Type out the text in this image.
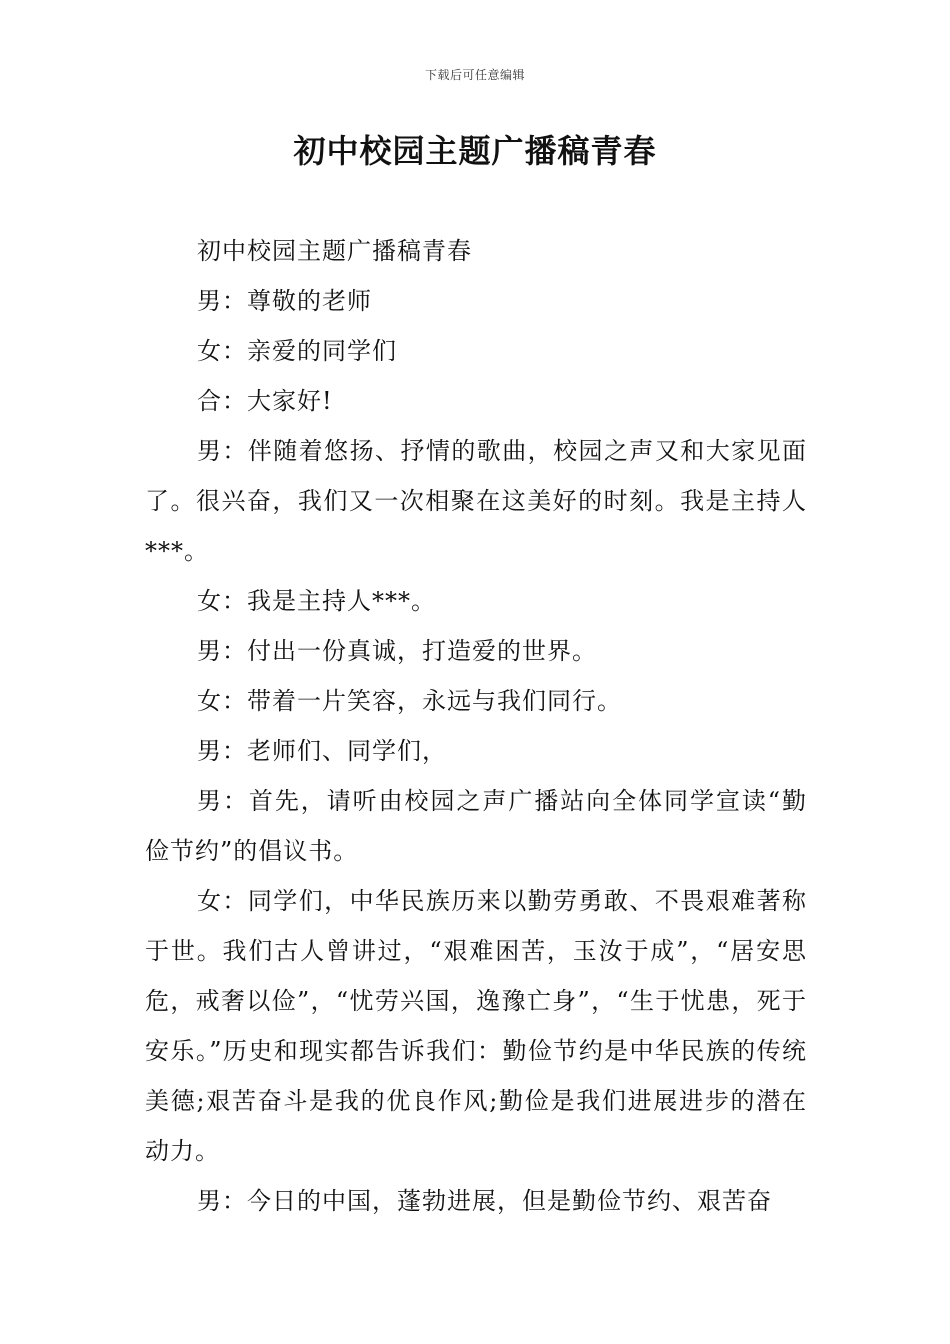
下载后可任意编辑
初中校园主题广播稿青春

初中校园主题广播稿青春

男：尊敬的老师

女：亲爱的同学们

合：大家好!

男：伴随着悠扬、抒情的歌曲，校园之声又和大家见面了。很兴奋，我们又一次相聚在这美好的时刻。我是主持人***。

女：我是主持人***。

男：付出一份真诚，打造爱的世界。

女：带着一片笑容，永远与我们同行。

男：老师们、同学们，

男：首先，请听由校园之声广播站向全体同学宣读“勤俭节约”的倡议书。

女：同学们，中华民族历来以勤劳勇敢、不畏艰难著称于世。我们古人曾讲过，“艰难困苦，玉汝于成”，“居安思危，戒奢以俭”，“忧劳兴国，逸豫亡身”，“生于忧患，死于安乐。”历史和现实都告诉我们：勤俭节约是中华民族的传统美德;艰苦奋斗是我的优良作风;勤俭是我们进展进步的潜在动力。

男：今日的中国，蓬勃进展，但是勤俭节约、艰苦奋
